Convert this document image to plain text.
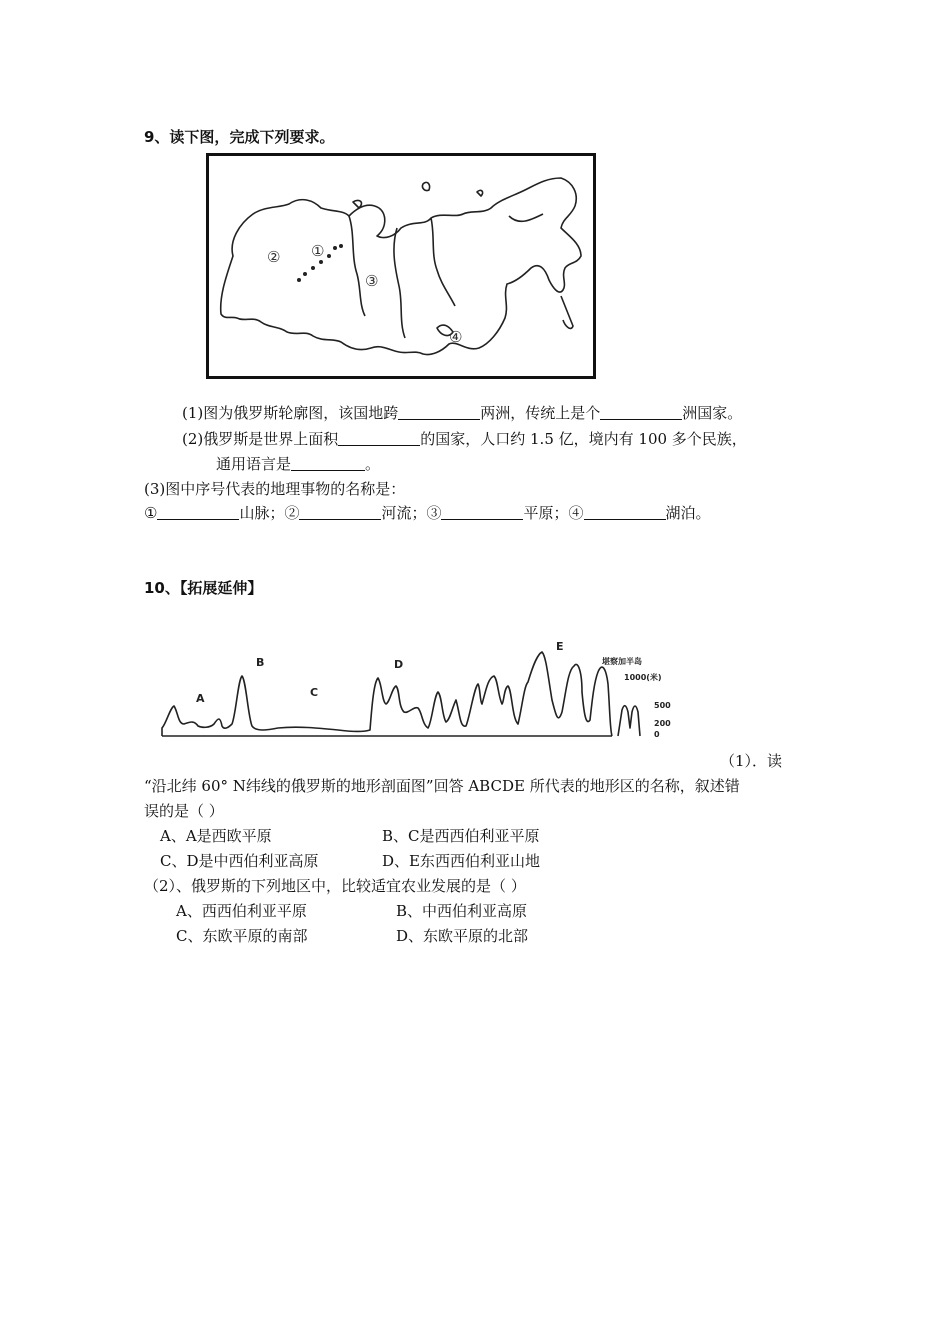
9、读下图，完成下列要求。
② ①
③
④
(1)图为俄罗斯轮廓图，该国地跨	两洲，传统上是个	洲国家。
(2)俄罗斯是世界上面积	的国家，人口约 1.5 亿，境内有 100 多个民族，
通用语言是	。
(3)图中序号代表的地理事物的名称是：
①	山脉；②	河流；③	平原；④	湖泊。
10、【拓展延伸】
A
B
C
D
E
堪察加半岛
1000(米)
500
200
0
（1）．读
“沿北纬 60° N纬线的俄罗斯的地形剖面图”回答 ABCDE 所代表的地形区的名称，叙述错
误的是（ ）
A、A是西欧平原	B、C是西西伯利亚平原
C、D是中西伯利亚高原	D、E东西西伯利亚山地
（2）、俄罗斯的下列地区中，比较适宜农业发展的是（ ）
A、西西伯利亚平原	B、中西伯利亚高原
C、东欧平原的南部	D、东欧平原的北部
